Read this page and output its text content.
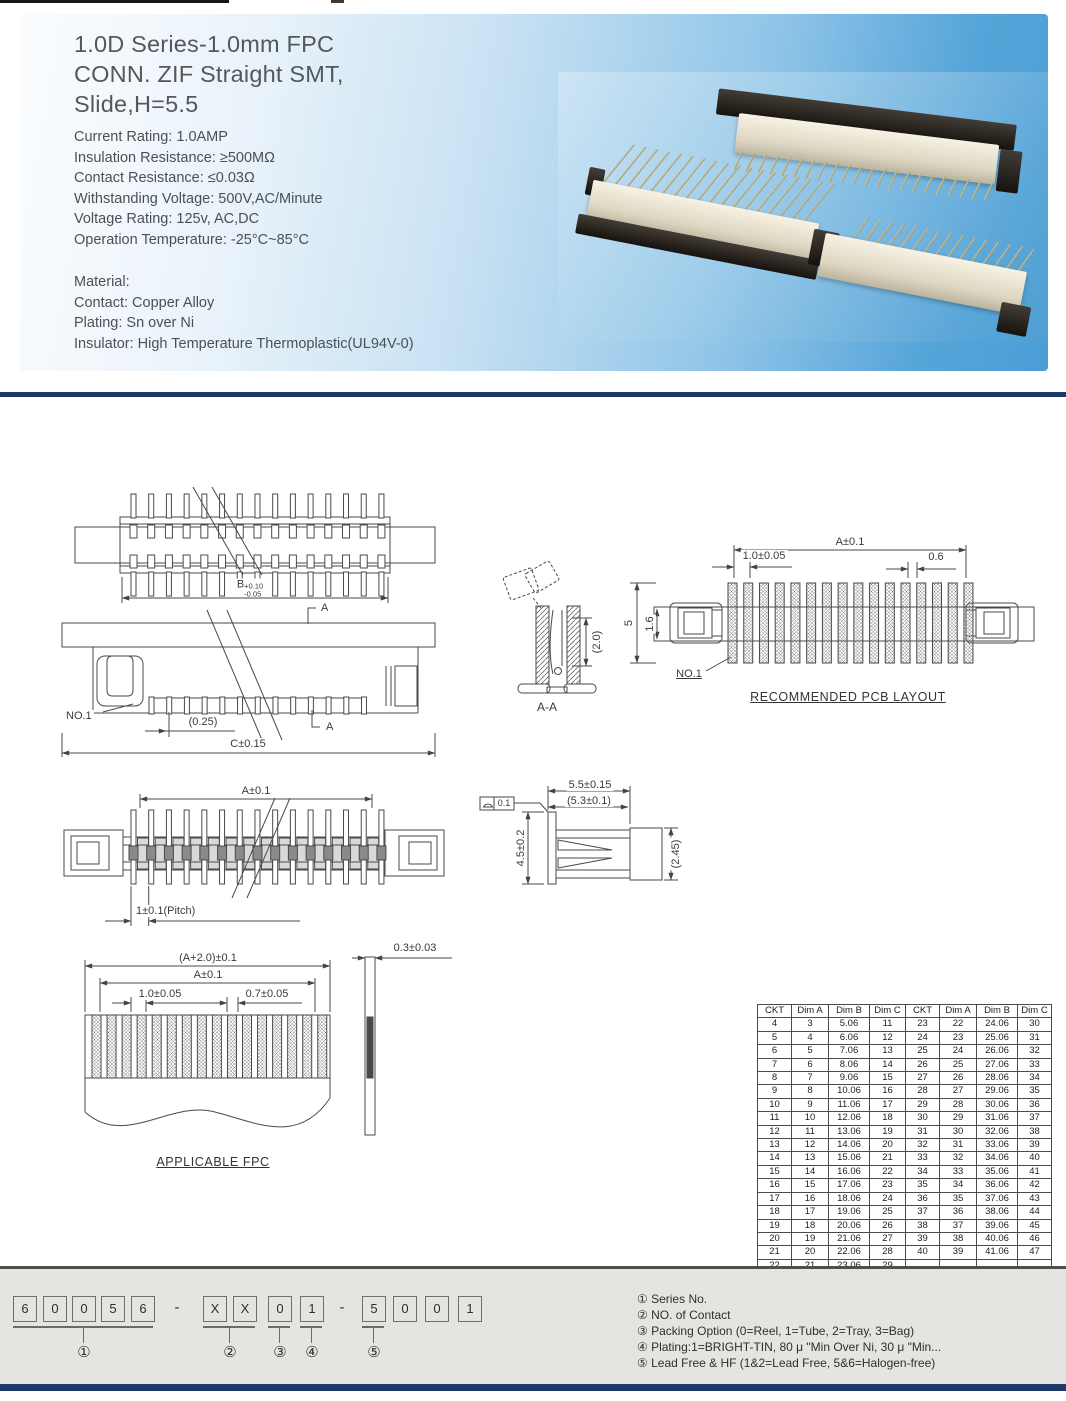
1.0D Series-1.0mm FPC
CONN. ZIF Straight SMT,
Slide,H=5.5
Current Rating: 1.0AMP
Insulation Resistance: ≥500MΩ
Contact Resistance: ≤0.03Ω
Withstanding Voltage: 500V,AC/Minute
Voltage Rating: 125v, AC,DC
Operation Temperature: -25°C~85°C
Material:
Contact: Copper Alloy
Plating: Sn over Ni
Insulator: High Temperature Thermoplastic(UL94V-0)
B +0.10
-0.05
A
A
NO.1	(0.25)
C±0.15
A±0.1
1±0.1(Pitch)
(2.0)
A-A
A±0.1
1.0±0.05	0.6
5 1.6
NO.1
RECOMMENDED PCB LAYOUT
5.5±0.15
(5.3±0.1)
4.5±0.2	(2.45)
0.1
(A+2.0)±0.1
A±0.1
1.0±0.05	0.7±0.05
0.3±0.03
APPLICABLE FPC
CKT	Dim A	Dim B	Dim C	CKT	Dim A	Dim B	Dim C
4	3	5.06	11	23	22	24.06	30
5	4	6.06	12	24	23	25.06	31
6	5	7.06	13	25	24	26.06	32
7	6	8.06	14	26	25	27.06	33
8	7	9.06	15	27	26	28.06	34
9	8	10.06	16	28	27	29.06	35
10	9	11.06	17	29	28	30.06	36
11	10	12.06	18	30	29	31.06	37
12	11	13.06	19	31	30	32.06	38
13	12	14.06	20	32	31	33.06	39
14	13	15.06	21	33	32	34.06	40
15	14	16.06	22	34	33	35.06	41
16	15	17.06	23	35	34	36.06	42
17	16	18.06	24	36	35	37.06	43
18	17	19.06	25	37	36	38.06	44
19	18	20.06	26	38	37	39.06	45
20	19	21.06	27	39	38	40.06	46
21	20	22.06	28	40	39	41.06	47

6	0	0	5	6	-	X	X	0	1	-	5	0	0	1
①	② ③ ④	⑤
① Series No.
② NO. of Contact
③ Packing Option (0=Reel, 1=Tube, 2=Tray, 3=Bag)
④ Plating:1=BRIGHT-TIN, 80 μ "Min Over Ni, 30 μ "Min...
⑤ Lead Free & HF (1&2=Lead Free, 5&6=Halogen-free)
